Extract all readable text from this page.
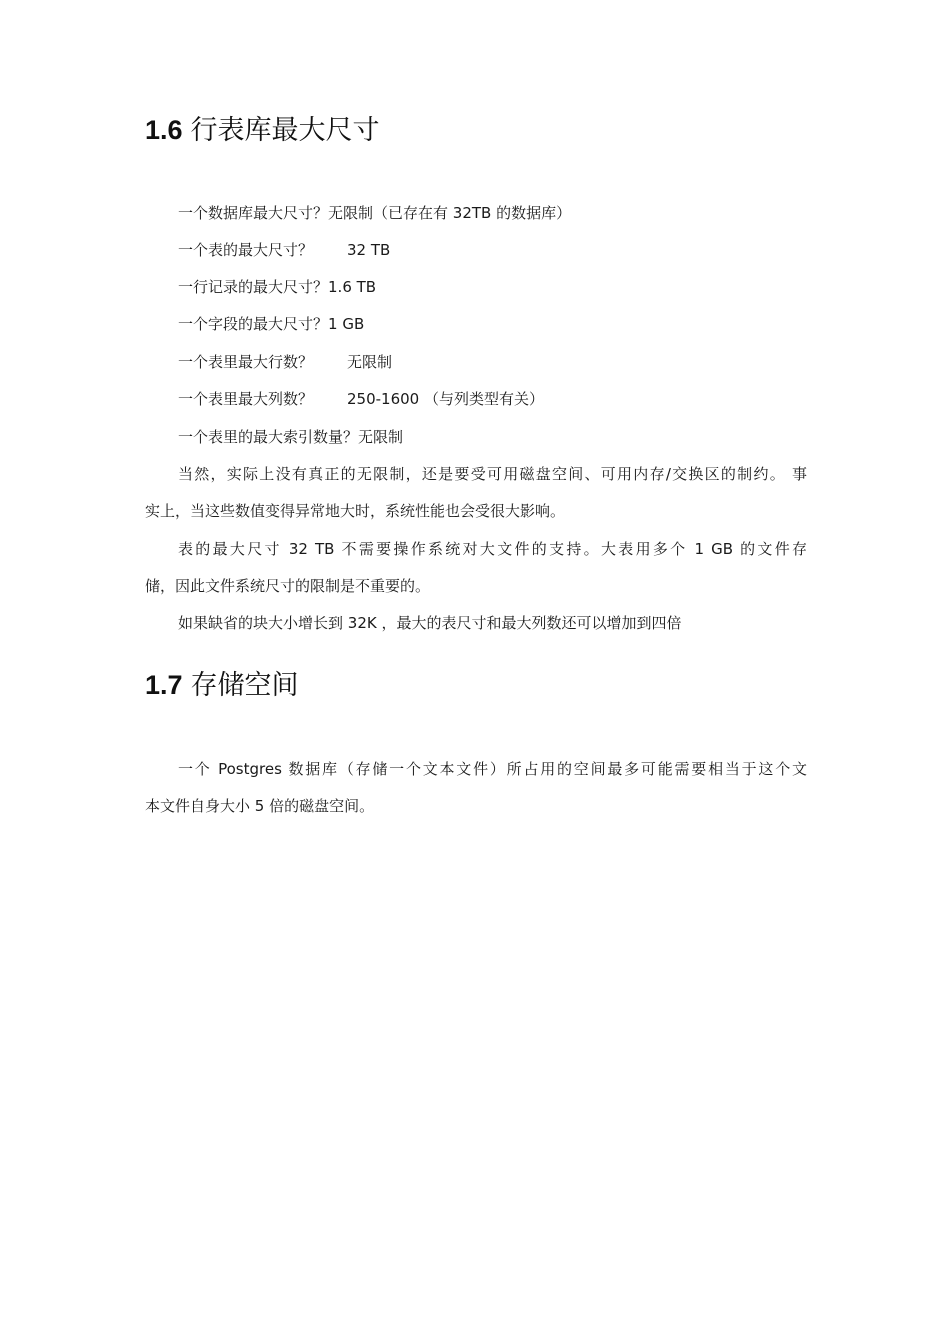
1.6 行表库最大尺寸
一个数据库最大尺寸？无限制（已存在有 32TB 的数据库）
一个表的最大尺寸？ 32 TB
一行记录的最大尺寸？1.6 TB
一个字段的最大尺寸？1 GB
一个表里最大行数？ 无限制
一个表里最大列数？ 250-1600 （与列类型有关）
一个表里的最大索引数量？无限制
当然，实际上没有真正的无限制，还是要受可用磁盘空间、可用内存/交换区的制约。 事
实上，当这些数值变得异常地大时，系统性能也会受很大影响。
表的最大尺寸 32 TB 不需要操作系统对大文件的支持。大表用多个 1 GB 的文件存
储，因此文件系统尺寸的限制是不重要的。
如果缺省的块大小增长到 32K ，最大的表尺寸和最大列数还可以增加到四倍
1.7 存储空间
一个 Postgres 数据库（存储一个文本文件）所占用的空间最多可能需要相当于这个文
本文件自身大小 5 倍的磁盘空间。
